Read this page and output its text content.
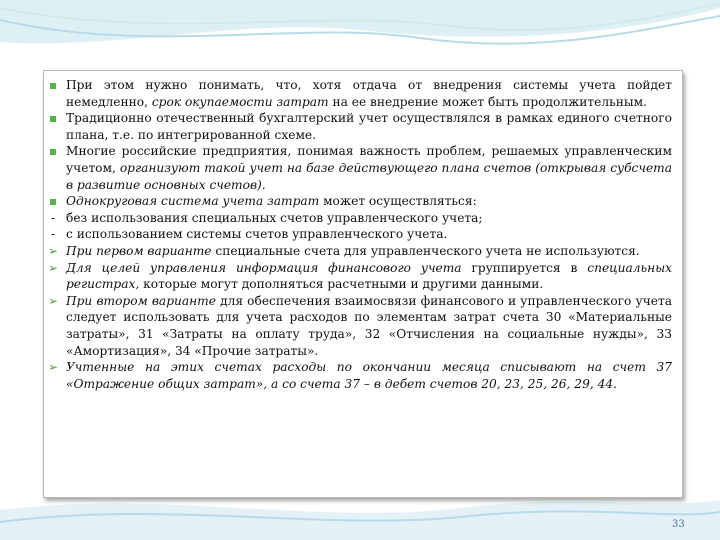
При этом нужно понимать, что, хотя отдача от внедрения системы учета пойдет немедленно, срок окупаемости затрат на ее внедрение может быть продолжительным.
Традиционно отечественный бухгалтерский учет осуществлялся в рамках единого счетного плана, т.е. по интегрированной схеме.
Многие российские предприятия, понимая важность проблем, решаемых управленческим учетом, организуют такой учет на базе действующего плана счетов (открывая субсчета в развитие основных счетов).
Однокруговая система учета затрат может осуществляться:
- без использования специальных счетов управленческого учета;
- с использованием системы счетов управленческого учета.
➢ При первом варианте специальные счета для управленческого учета не используются.
➢ Для целей управления информация финансового учета группируется в специальных регистрах, которые могут дополняться расчетными и другими данными.
➢ При втором варианте для обеспечения взаимосвязи финансового и управленческого учета следует использовать для учета расходов по элементам затрат счета 30 «Материальные затраты», 31 «Затраты на оплату труда», 32 «Отчисления на социальные нужды», 33 «Амортизация», 34 «Прочие затраты».
➢ Учтенные на этих счетах расходы по окончании месяца списывают на счет 37 «Отражение общих затрат», а со счета 37 – в дебет счетов 20, 23, 25, 26, 29, 44.
33
